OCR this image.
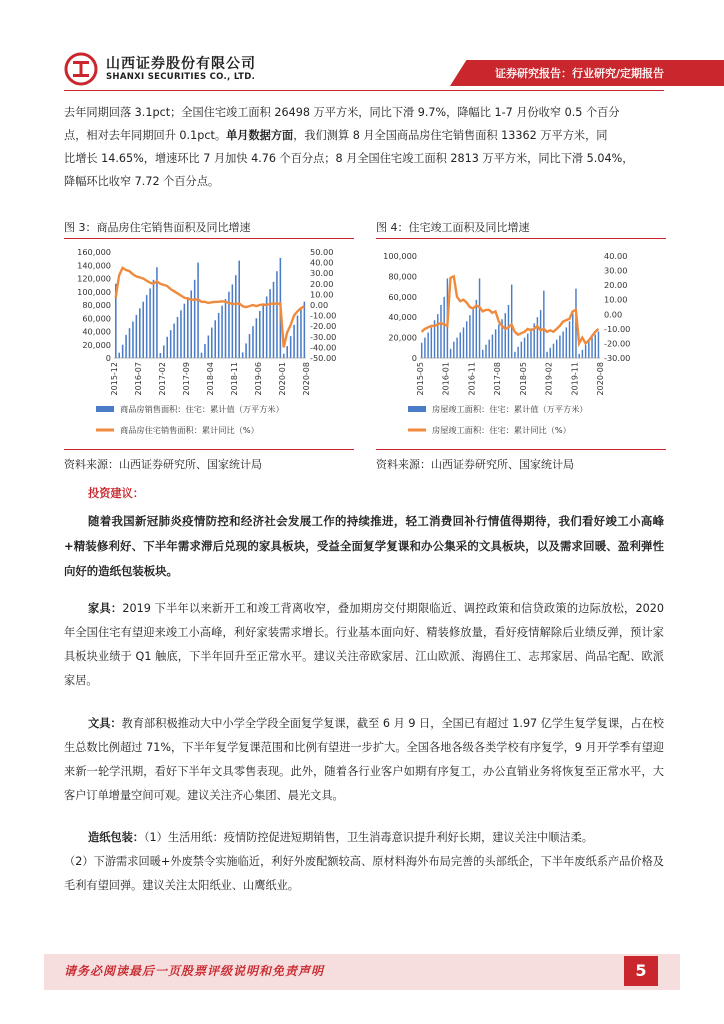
山西证券股份有限公司
SHANXI SECURITIES CO., LTD.	证券研究报告：行业研究/定期报告
去年同期回落 3.1pct；全国住宅竣工面积 26498 万平方米，同比下滑 9.7%，降幅比 1-7 月份收窄 0.5 个百分
点，相对去年同期回升 0.1pct。单月数据方面，我们测算 8 月全国商品房住宅销售面积 13362 万平方米，同
比增长 14.65%，增速环比 7 月加快 4.76 个百分点；8 月全国住宅竣工面积 2813 万平方米，同比下滑 5.04%，
降幅环比收窄 7.72 个百分点。
图 3：商品房住宅销售面积及同比增速
160,000
140,000
120,000
100,000
80,000
60,000
40,000
20,000
0
50.00
40.00
30.00
20.00
10.00
0.00
-10.00
-20.00
-30.00
-40.00
-50.00
2015-12 2016-07 2017-02 2017-09 2018-04 2018-11 2019-06 2020-01 2020-08
商品房销售面积：住宅：累计值（万平方米）
商品房住宅销售面积：累计同比（%）
资料来源：山西证券研究所、国家统计局
图 4：住宅竣工面积及同比增速
100,000
80,000
60,000
40,000
20,000
0
40.00
30.00
20.00
10.00
0.00
-10.00
-20.00
-30.00
2015-05 2016-01 2016-11 2017-08 2018-05 2019-02 2019-11 2020-08
房屋竣工面积：住宅：累计值（万平方米）
房屋竣工面积：住宅：累计同比（%）
资料来源：山西证券研究所、国家统计局
投资建议：
随着我国新冠肺炎疫情防控和经济社会发展工作的持续推进，轻工消费回补行情值得期待，我们看好竣工小高峰+精装修利好、下半年需求滞后兑现的家具板块，受益全面复学复课和办公集采的文具板块，以及需求回暖、盈利弹性向好的造纸包装板块。
家具：2019 下半年以来新开工和竣工背离收窄，叠加期房交付期限临近、调控政策和信贷政策的边际放松，2020 年全国住宅有望迎来竣工小高峰，利好家装需求增长。行业基本面向好、精装修放量，看好疫情解除后业绩反弹，预计家具板块业绩于 Q1 触底，下半年回升至正常水平。建议关注帝欧家居、江山欧派、海鸥住工、志邦家居、尚品宅配、欧派家居。
文具：教育部积极推动大中小学全学段全面复学复课，截至 6 月 9 日，全国已有超过 1.97 亿学生复学复课，占在校生总数比例超过 71%，下半年复学复课范围和比例有望进一步扩大。全国各地各级各类学校有序复学，9 月开学季有望迎来新一轮学汛期，看好下半年文具零售表现。此外，随着各行业客户如期有序复工，办公直销业务将恢复至正常水平，大客户订单增量空间可观。建议关注齐心集团、晨光文具。
造纸包装：（1）生活用纸：疫情防控促进短期销售，卫生消毒意识提升利好长期，建议关注中顺洁柔。
（2）下游需求回暖+外废禁令实施临近，利好外废配额较高、原材料海外布局完善的头部纸企，下半年废纸系产品价格及毛利有望回弹。建议关注太阳纸业、山鹰纸业。
请务必阅读最后一页股票评级说明和免责声明	5
